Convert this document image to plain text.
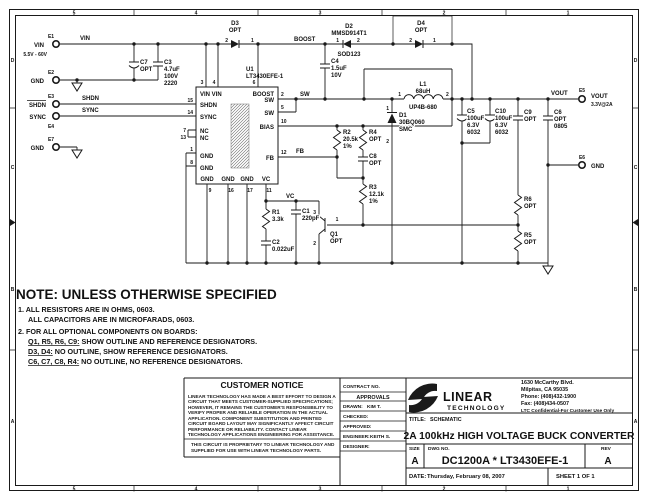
5	4	3	2	1
5	4	3	2	1
D
C
B
A
D
C
B
A
U1
LT3430EFE-1
VIN VIN	BOOST
SHDN
SYNC
NC
NC
GND
GND
SW
SW
BIAS
FB
GND GND GND VC
3 4	6
15
14
7
13
1
8
2
5
10
12
9	16	17	11
E1
VIN
5.5V - 60V
E2
GND
E3
SHDN
E4
SYNC
E7
GND
E5
VOUT
3.3V@2A
E6
GND
VIN
SHDN
SYNC
BOOST
SW
FB
VC
VOUT
C7
OPT
C3
4.7uF
100V
2220
D3
OPT
2	1
D2
MMSD914T1
SOD123
1	2
D4
OPT
2	1
C4
1.5uF
10V
L1
68uH
UP4B-680
1	2
1
D1
30BQ060
SMC
2
R2
20.5k
1%
R4
OPT
C8
OPT
R3
12.1k
1%
R1
3.3k
C1
220pF
C2
0.022uF
3
2
1
Q1
OPT
C5
100uF
6.3V
6032
C10
100uF
6.3V
6032
C9
OPT
C6
OPT
0805
R6
OPT
R5
OPT
NOTE: UNLESS OTHERWISE SPECIFIED
1. ALL RESISTORS ARE IN OHMS, 0603.
ALL CAPACITORS ARE IN MICROFARADS, 0603.
2. FOR ALL OPTIONAL COMPONENTS ON BOARDS:
Q1, R5, R6, C9: SHOW OUTLINE AND REFERENCE DESIGNATORS.
D3, D4: NO OUTLINE, SHOW REFERENCE DESIGNATORS.
C6, C7, C8, R4: NO OUTLINE, NO REFERENCE DESIGNATORS.
CUSTOMER NOTICE
LINEAR TECHNOLOGY HAS MADE A BEST EFFORT TO DESIGN A
CIRCUIT THAT MEETS CUSTOMER-SUPPLIED SPECIFICATIONS;
HOWEVER, IT REMAINS THE CUSTOMER'S RESPONSIBILITY TO
VERIFY PROPER AND RELIABLE OPERATION IN THE ACTUAL
APPLICATION. COMPONENT SUBSTITUTION AND PRINTED
CIRCUIT BOARD LAYOUT MAY SIGNIFICANTLY AFFECT CIRCUIT
PERFORMANCE OR RELIABILITY. CONTACT LINEAR
TECHNOLOGY APPLICATIONS ENGINEERING FOR ASSISTANCE.
THIS CIRCUIT IS PROPRIETARY TO LINEAR TECHNOLOGY AND
SUPPLIED FOR USE WITH LINEAR TECHNOLOGY PARTS.
CONTRACT NO.
APPROVALS
DRAWN: KIM T.
CHECKED:
APPROVED:
ENGINEER: KEITH S.
DESIGNER:
LINEAR
TECHNOLOGY
1630 McCarthy Blvd.
Milpitas, CA 95035
Phone: (408)432-1900
Fax: (408)434-0507
LTC Confidential-For Customer Use Only
TITLE: SCHEMATIC
2A 100kHz HIGH VOLTAGE BUCK CONVERTER
SIZE
A
DWG NO.
DC1200A * LT3430EFE-1
REV
A
DATE: Thursday, February 08, 2007	SHEET 1 OF 1
